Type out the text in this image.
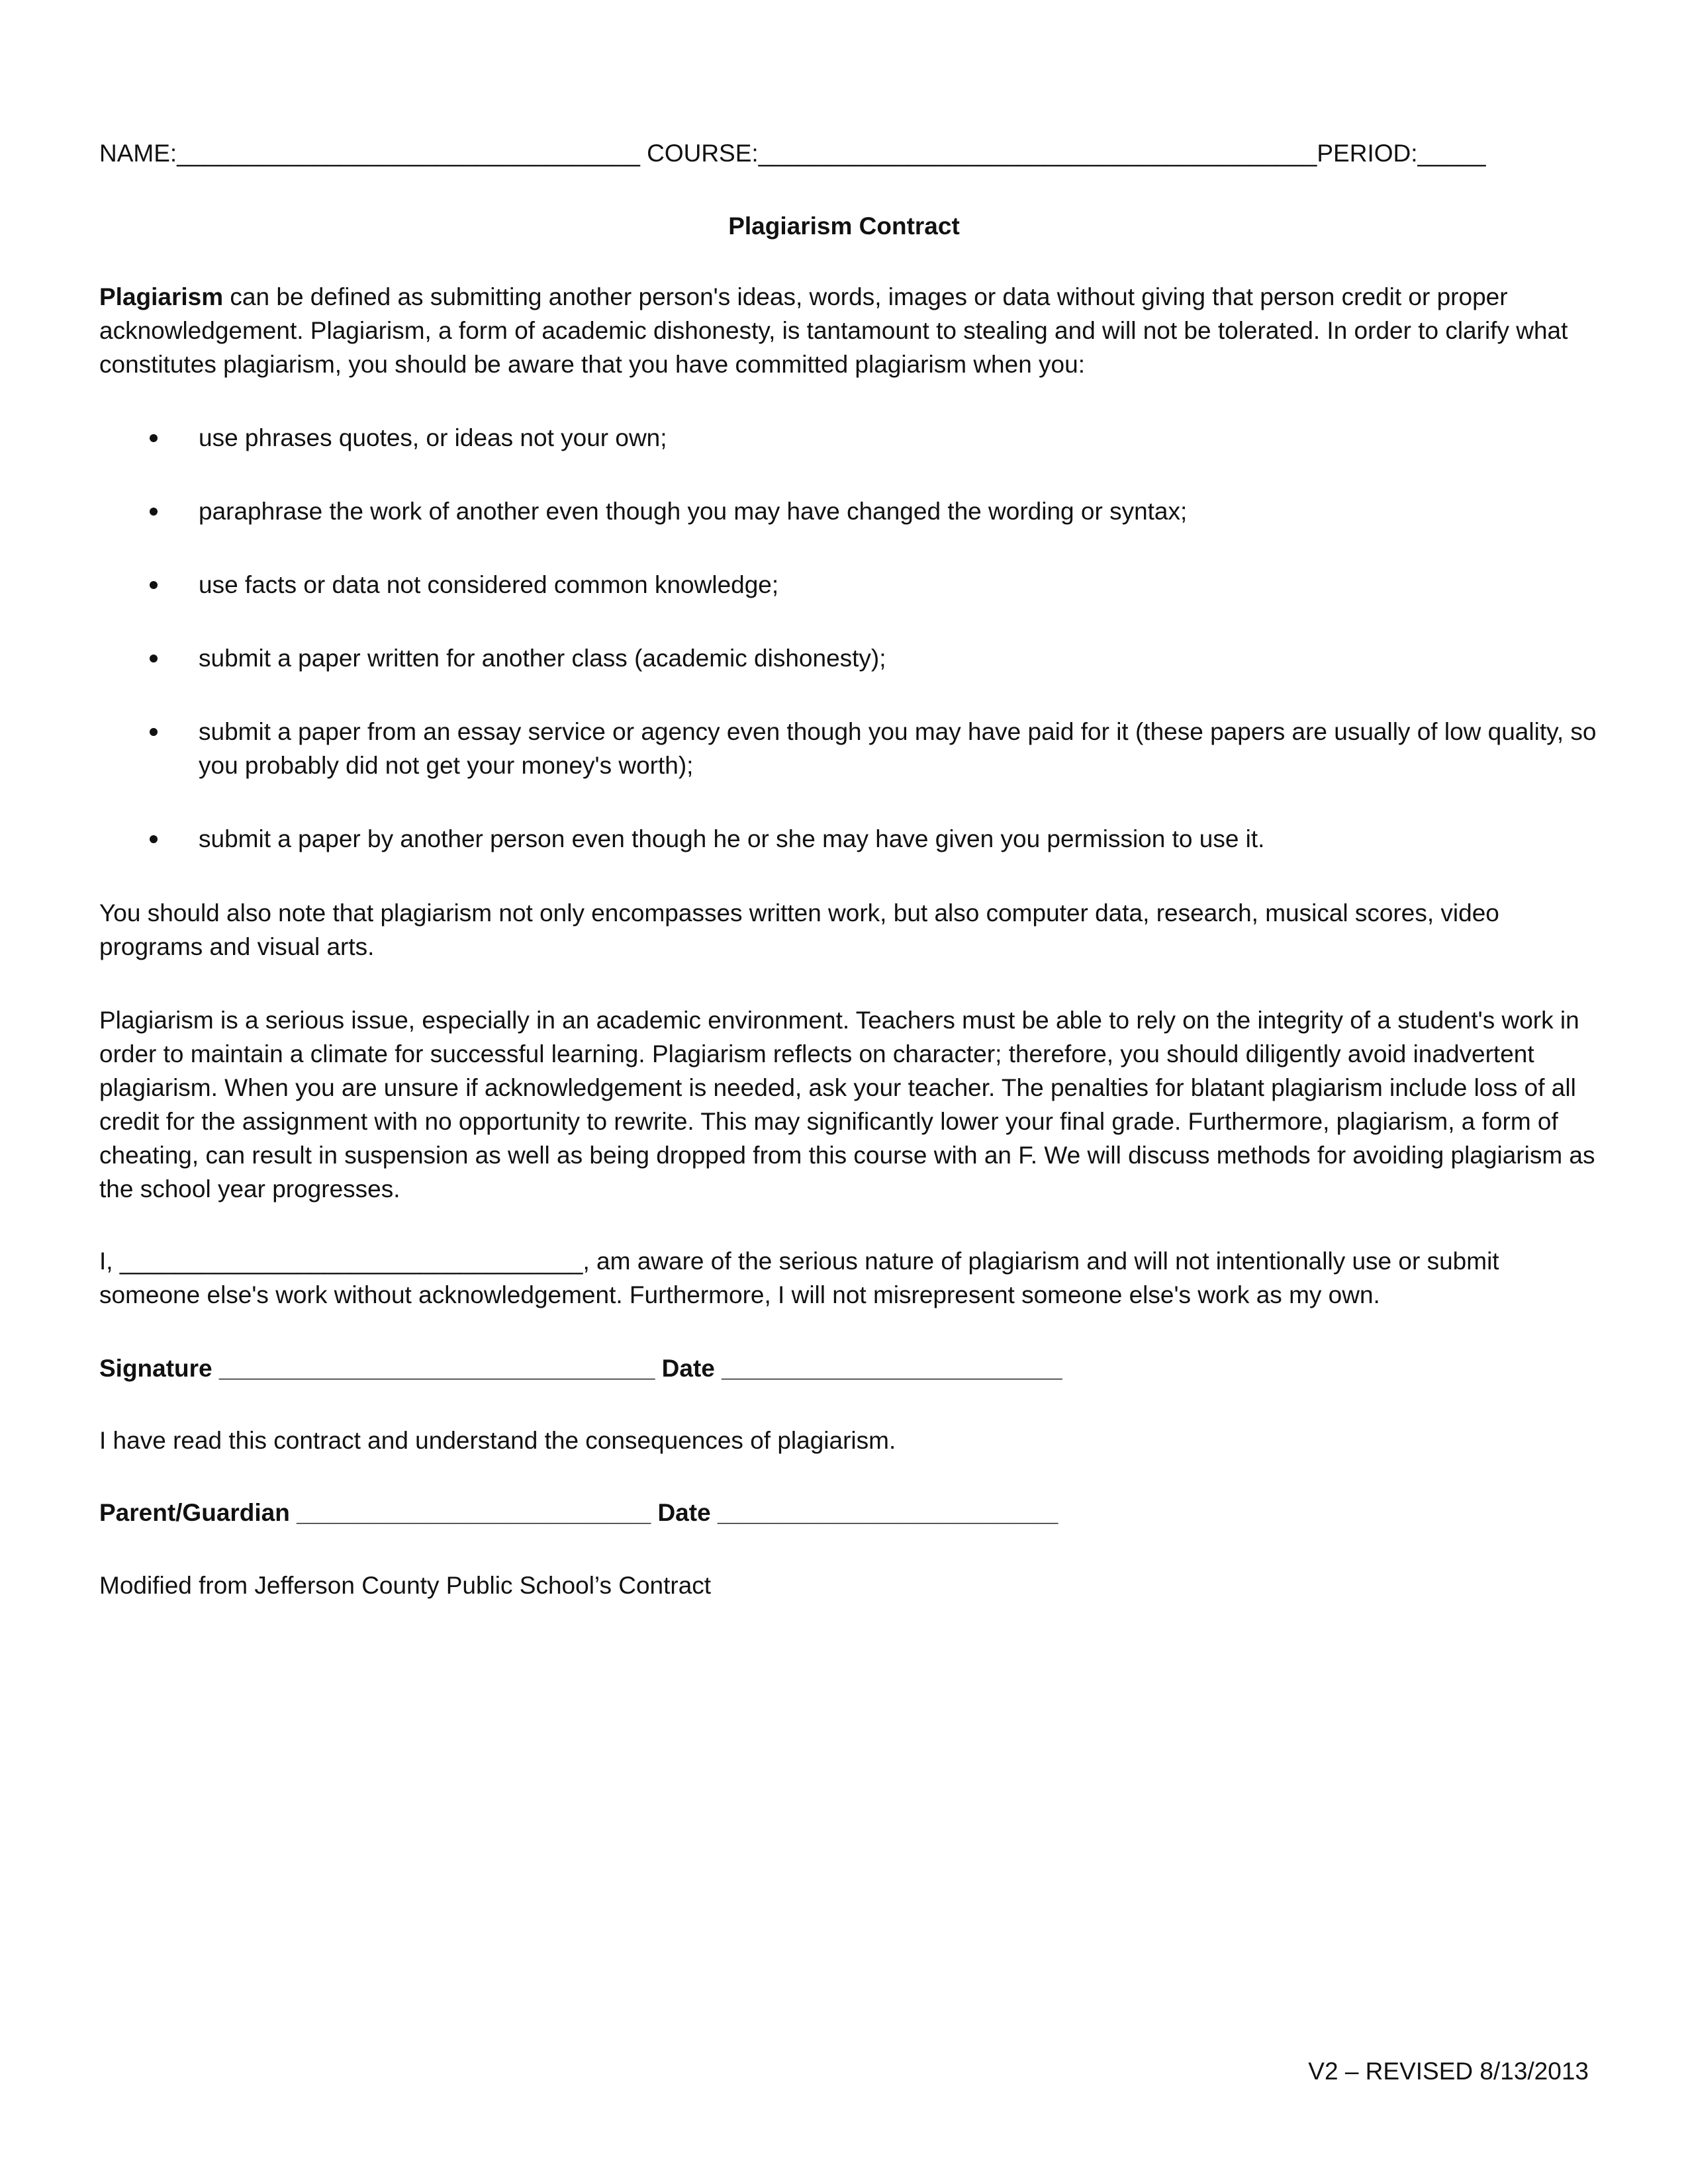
NAME:__________________________________ COURSE:_________________________________________PERIOD:_____
Plagiarism Contract
Plagiarism can be defined as submitting another person's ideas, words, images or data without giving that person credit or proper acknowledgement. Plagiarism, a form of academic dishonesty, is tantamount to stealing and will not be tolerated. In order to clarify what constitutes plagiarism, you should be aware that you have committed plagiarism when you:
use phrases quotes, or ideas not your own;
paraphrase the work of another even though you may have changed the wording or syntax;
use facts or data not considered common knowledge;
submit a paper written for another class (academic dishonesty);
submit a paper from an essay service or agency even though you may have paid for it (these papers are usually of low quality, so you probably did not get your money's worth);
submit a paper by another person even though he or she may have given you permission to use it.
You should also note that plagiarism not only encompasses written work, but also computer data, research, musical scores, video programs and visual arts.
Plagiarism is a serious issue, especially in an academic environment. Teachers must be able to rely on the integrity of a student's work in order to maintain a climate for successful learning. Plagiarism reflects on character; therefore, you should diligently avoid inadvertent plagiarism. When you are unsure if acknowledgement is needed, ask your teacher. The penalties for blatant plagiarism include loss of all credit for the assignment with no opportunity to rewrite. This may significantly lower your final grade. Furthermore, plagiarism, a form of cheating, can result in suspension as well as being dropped from this course with an F. We will discuss methods for avoiding plagiarism as the school year progresses.
I, __________________________________, am aware of the serious nature of plagiarism and will not intentionally use or submit someone else's work without acknowledgement. Furthermore, I will not misrepresent someone else's work as my own.
Signature ________________________________ Date _________________________
I have read this contract and understand the consequences of plagiarism.
Parent/Guardian __________________________ Date _________________________
Modified from Jefferson County Public School’s Contract
V2 – REVISED 8/13/2013
